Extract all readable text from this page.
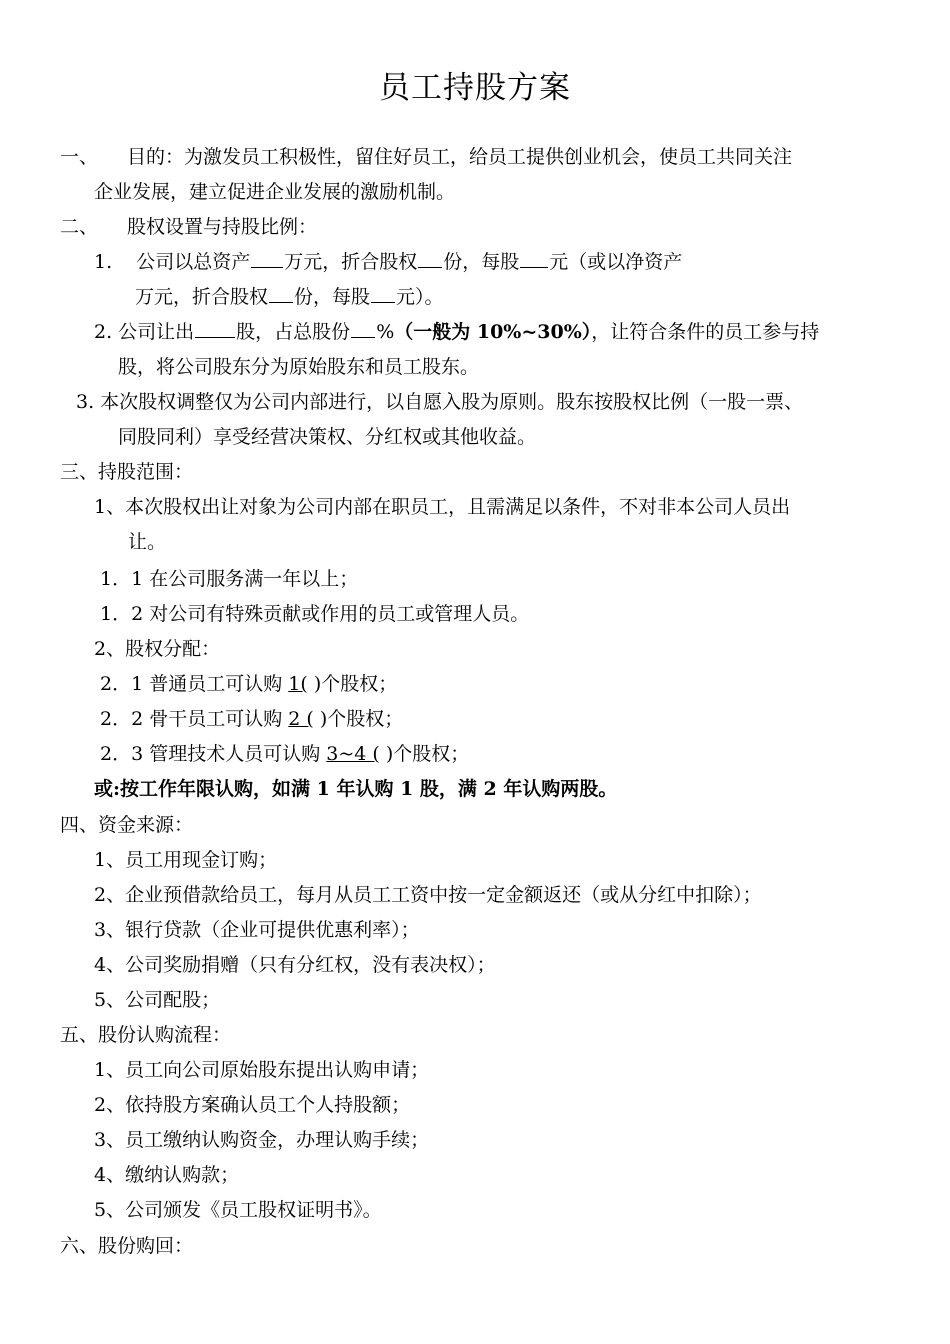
员工持股方案
一、 目的：为激发员工积极性，留住好员工，给员工提供创业机会，使员工共同关注
企业发展，建立促进企业发展的激励机制。
二、 股权设置与持股比例：
1. 公司以总资产 万元，折合股权 份，每股 元（或以净资产
万元，折合股权 份，每股 元）。
2. 公司让出 股，占总股份 %（一般为 10%~30%），让符合条件的员工参与持
股，将公司股东分为原始股东和员工股东。
3. 本次股权调整仅为公司内部进行，以自愿入股为原则。股东按股权比例（一股一票、
同股同利）享受经营决策权、分红权或其他收益。
三、持股范围：
1、本次股权出让对象为公司内部在职员工，且需满足以条件，不对非本公司人员出
让。
1．1 在公司服务满一年以上；
1．2 对公司有特殊贡献或作用的员工或管理人员。
2、股权分配：
2．1 普通员工可认购 1( )个股权；
2．2 骨干员工可认购 2 ( )个股权；
2．3 管理技术人员可认购 3~4 ( )个股权；
或:按工作年限认购，如满 1 年认购 1 股，满 2 年认购两股。
四、资金来源：
1、员工用现金订购；
2、企业预借款给员工，每月从员工工资中按一定金额返还（或从分红中扣除）；
3、银行贷款（企业可提供优惠利率）；
4、公司奖励捐赠（只有分红权，没有表决权）；
5、公司配股；
五、股份认购流程：
1、员工向公司原始股东提出认购申请；
2、依持股方案确认员工个人持股额；
3、员工缴纳认购资金，办理认购手续；
4、缴纳认购款；
5、公司颁发《员工股权证明书》。
六、股份购回：
